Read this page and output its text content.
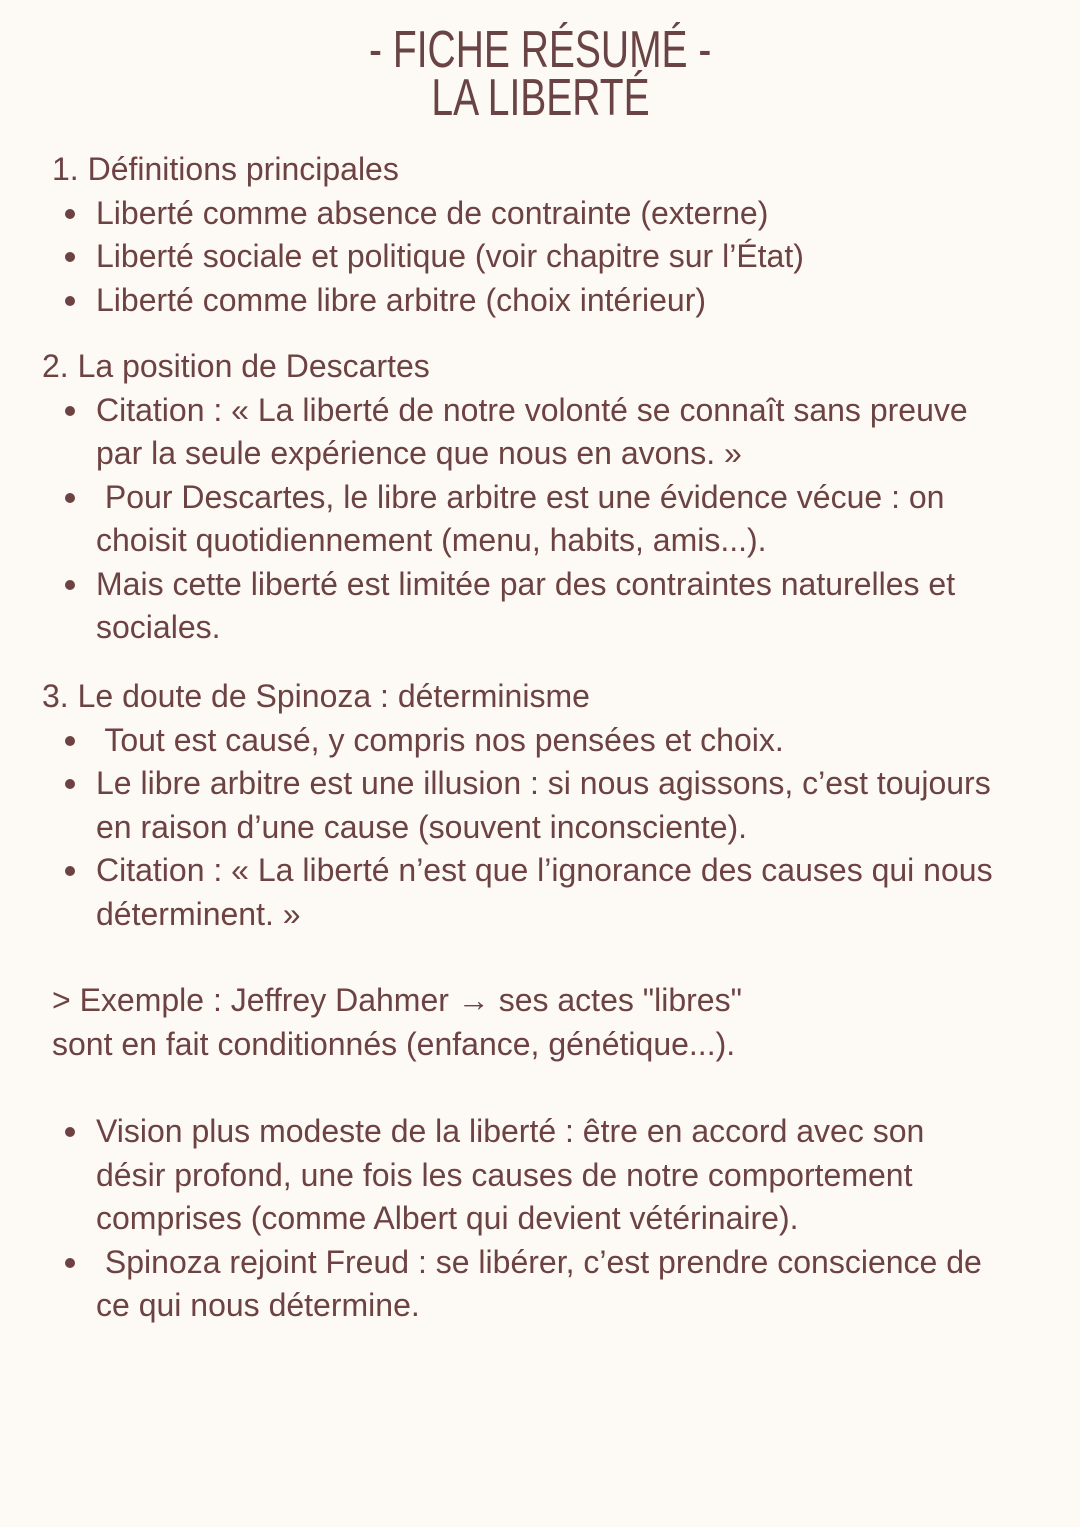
- FICHE RÉSUMÉ -
LA LIBERTÉ
1. Définitions principales
Liberté comme absence de contrainte (externe)
Liberté sociale et politique (voir chapitre sur l’État)
Liberté comme libre arbitre (choix intérieur)
2. La position de Descartes
Citation : « La liberté de notre volonté se connaît sans preuve
par la seule expérience que nous en avons. »
Pour Descartes, le libre arbitre est une évidence vécue : on
choisit quotidiennement (menu, habits, amis...).
Mais cette liberté est limitée par des contraintes naturelles et
sociales.
3. Le doute de Spinoza : déterminisme
Tout est causé, y compris nos pensées et choix.
Le libre arbitre est une illusion : si nous agissons, c’est toujours
en raison d’une cause (souvent inconsciente).
Citation : « La liberté n’est que l’ignorance des causes qui nous
déterminent. »
> Exemple : Jeffrey Dahmer → ses actes "libres"
sont en fait conditionnés (enfance, génétique...).
Vision plus modeste de la liberté : être en accord avec son
désir profond, une fois les causes de notre comportement
comprises (comme Albert qui devient vétérinaire).
Spinoza rejoint Freud : se libérer, c’est prendre conscience de
ce qui nous détermine.
